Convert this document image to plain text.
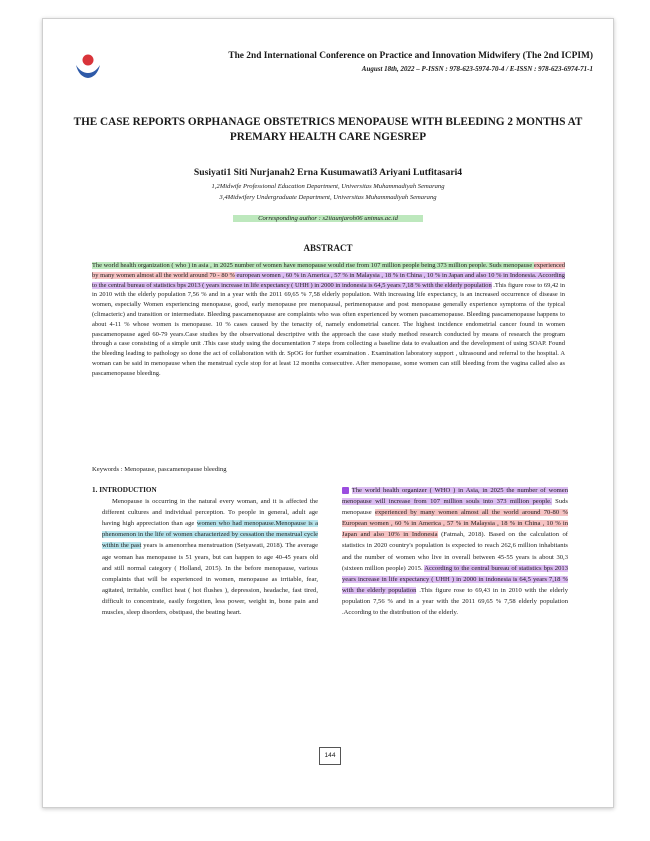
The 2nd International Conference on Practice and Innovation Midwifery (The 2nd ICPIM)
August 18th, 2022 – P-ISSN : 978-623-5974-70-4 / E-ISSN : 978-623-6974-71-1
THE CASE REPORTS ORPHANAGE OBSTETRICS MENOPAUSE WITH BLEEDING 2 MONTHS AT PREMARY HEALTH CARE NGESREP
Susiyati1 Siti Nurjanah2 Erna Kusumawati3 Ariyani Lutfitasari4
1,2Midwife Professional Education Department, Universitas Muhammadiyah Semarang
3,4Midwifery Undergraduate Department, Universitas Muhammadiyah Semarang
Corresponding author : s2iiaunjaroh06 unimus.ac.id
ABSTRACT
The world health organization ( who ) in asia , in 2025 number of women have menopause would rise from 107 million people being 373 million people. Suds menopause experienced by many women almost all the world around 70 - 80 % european women , 60 % in America , 57 % in Malaysia , 18 % in China , 10 % in Japan and also 10 % in Indonesia. According to the central bureau of statistics bps 2013 ( years increase in life expectancy ( UHH ) in 2000 in indonesia is 64,5 years 7,18 % with the elderly population .This figure rose to 69,42 in in 2010 with the elderly population 7,56 % and in a year with the 2011 69,65 % 7,58 elderly population. With increasing life expectancy, is an increased occurrence of disease in women, especially Women experiencing menopause, good, early menopause pre menopausal, perimenopause and post menopause generally experience symptoms of the typical (climacteric) and transition or intermediate. Bleeding pascamenopause are complaints who was often experienced by women pascamenopause. Bleeding pascamenopause happens to about 4-11 % whose women is menopause. 10 % cases caused by the tenacity of, namely endometrial cancer. The highest incidence endometrial cancer found in women pascamenopause aged 60-79 years.Case studies by the observational descriptive with the approach the case study method research conducted by means of research the program through a case consisting of a simple unit .This case study using the documentation 7 steps from collecting a baseline data to evaluation and the development of using SOAP. Found the bleeding leading to pathology so done the act of collaboration with dr. SpOG for further examination . Examination laboratory support , ultrasound and referral to the hospital. A woman can be said in menopause when the menstrual cycle stop for at least 12 months consecutive. After menopause, some women can still bleeding from the vagina called also as pascamenopause bleeding.
Keywords : Menopause, pascamenopause bleeding
1. INTRODUCTION
Menopause is occurring in the natural every woman, and it is affected the different cultures and individual perception. To people in general, adult age having high appreciation than age women who had menopause.Menopause is a phenomenon in the life of women characterized by cessation the menstrual cycle within the past years is amenorrhea menstruation (Setyawati, 2018). The average age woman has menopause is 51 years, but can happen to age 40-45 years old and still normal category ( Holland, 2015). In the before menopause, various complaints that will be experienced in women, menopause as irritable, fear, agitated, irritable, conflict heat ( hot flushes ), depression, headache, fast tired, difficult to concentrate, easily forgotten, less power, weight in, bone pain and muscles, sleep disorders, obstipasi, the beating heart.
The world health organizer ( WHO ) in Asia, in 2025 the number of women menopause will increase from 107 million souls into 373 million people. Suds menopause experienced by many women almost all the world around 70-80 % European women , 60 % in America , 57 % in Malaysia , 18 % in China , 10 % in Japan and also 10% in Indonesia (Fatmah, 2018). Based on the calculation of statistics in 2020 country's population is expected to reach 262,6 million inhabitants and the number of women who live in overall between 45-55 years is about 30,3 (sixteen million people) 2015. According to the central bureau of statistics bps 2013 years increase in life expectancy ( UHH ) in 2000 in indonesia is 64,5 years 7,18 % with the elderly population .This figure rose to 69,43 in in 2010 with the elderly population 7,56 % and in a year with the 2011 69,65 % 7,58 elderly population .According to the distribution of the elderly.
144
